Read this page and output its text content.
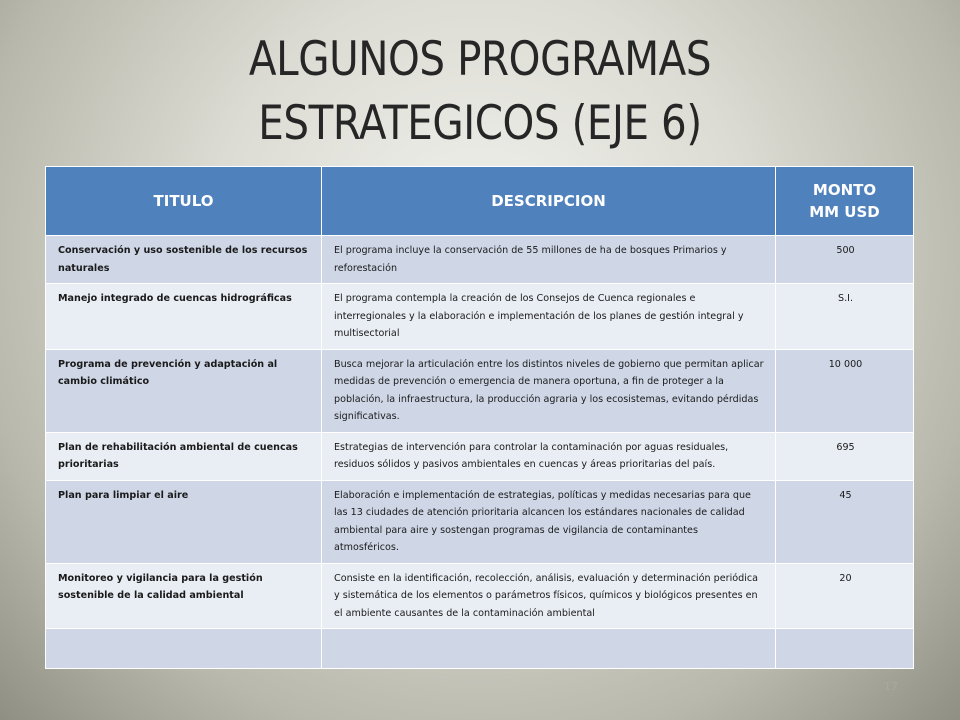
ALGUNOS PROGRAMAS
ESTRATEGICOS (EJE 6)
TITULO	DESCRIPCION	MONTO
MM USD
Conservación y uso sostenible de los recursos naturales	El programa incluye la conservación de 55 millones de ha de bosques Primarios y reforestación	500
Manejo integrado de cuencas hidrográficas	El programa contempla la creación de los Consejos de Cuenca regionales e interregionales y la elaboración e implementación de los planes de gestión integral y multisectorial	S.I.
Programa de prevención y adaptación al cambio climático	Busca mejorar la articulación entre los distintos niveles de gobierno que permitan aplicar medidas de prevención o emergencia de manera oportuna, a fin de proteger a la población, la infraestructura, la producción agraria y los ecosistemas, evitando pérdidas significativas.	10 000
Plan de rehabilitación ambiental de cuencas prioritarias	Estrategias de intervención para controlar la contaminación por aguas residuales, residuos sólidos y pasivos ambientales en cuencas y áreas prioritarias del país.	695
Plan para limpiar el aire	Elaboración e implementación de estrategias, políticas y medidas necesarias para que las 13 ciudades de atención prioritaria alcancen los estándares nacionales de calidad ambiental para aire y sostengan programas de vigilancia de contaminantes atmosféricos.	45
Monitoreo y vigilancia para la gestión sostenible de la calidad ambiental	Consiste en la identificación, recolección, análisis, evaluación y determinación periódica y sistemática de los elementos o parámetros físicos, químicos y biológicos presentes en el ambiente causantes de la contaminación ambiental	20

17
